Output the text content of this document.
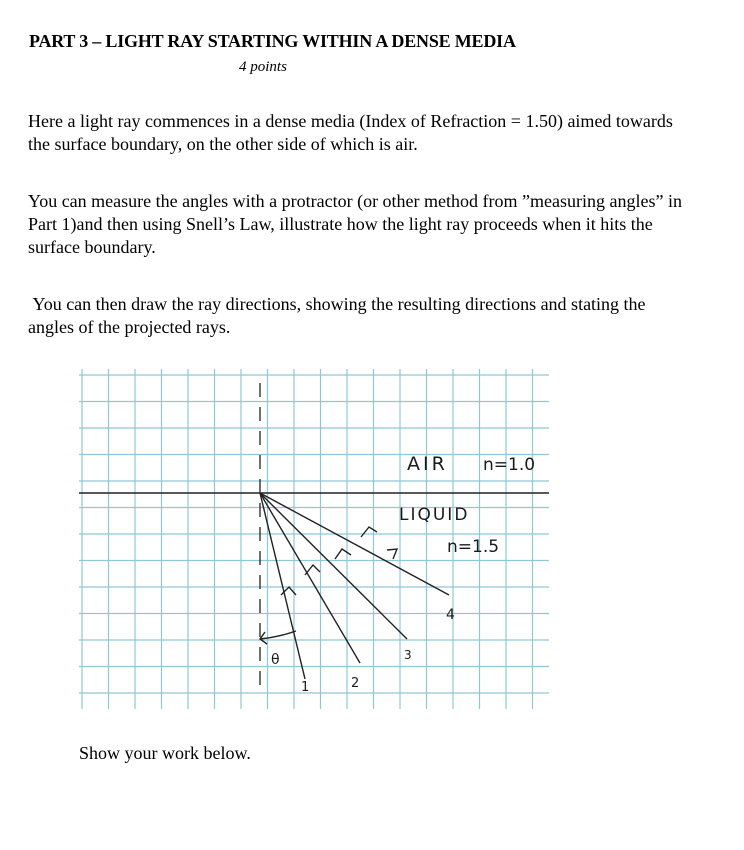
PART 3 – LIGHT RAY STARTING WITHIN A DENSE MEDIA
4 points
Here a light ray commences in a dense media (Index of Refraction = 1.50) aimed towards the surface boundary, on the other side of which is air.
You can measure the angles with a protractor (or other method from ”measuring angles” in Part 1)and then using Snell’s Law, illustrate how the light ray proceeds when it hits the surface boundary.
You can then draw the ray directions, showing the resulting directions and stating the angles of the projected rays.
AIR n=1.0
LIQUID
n=1.5
θ
1	2
3
4
Show your work below.
